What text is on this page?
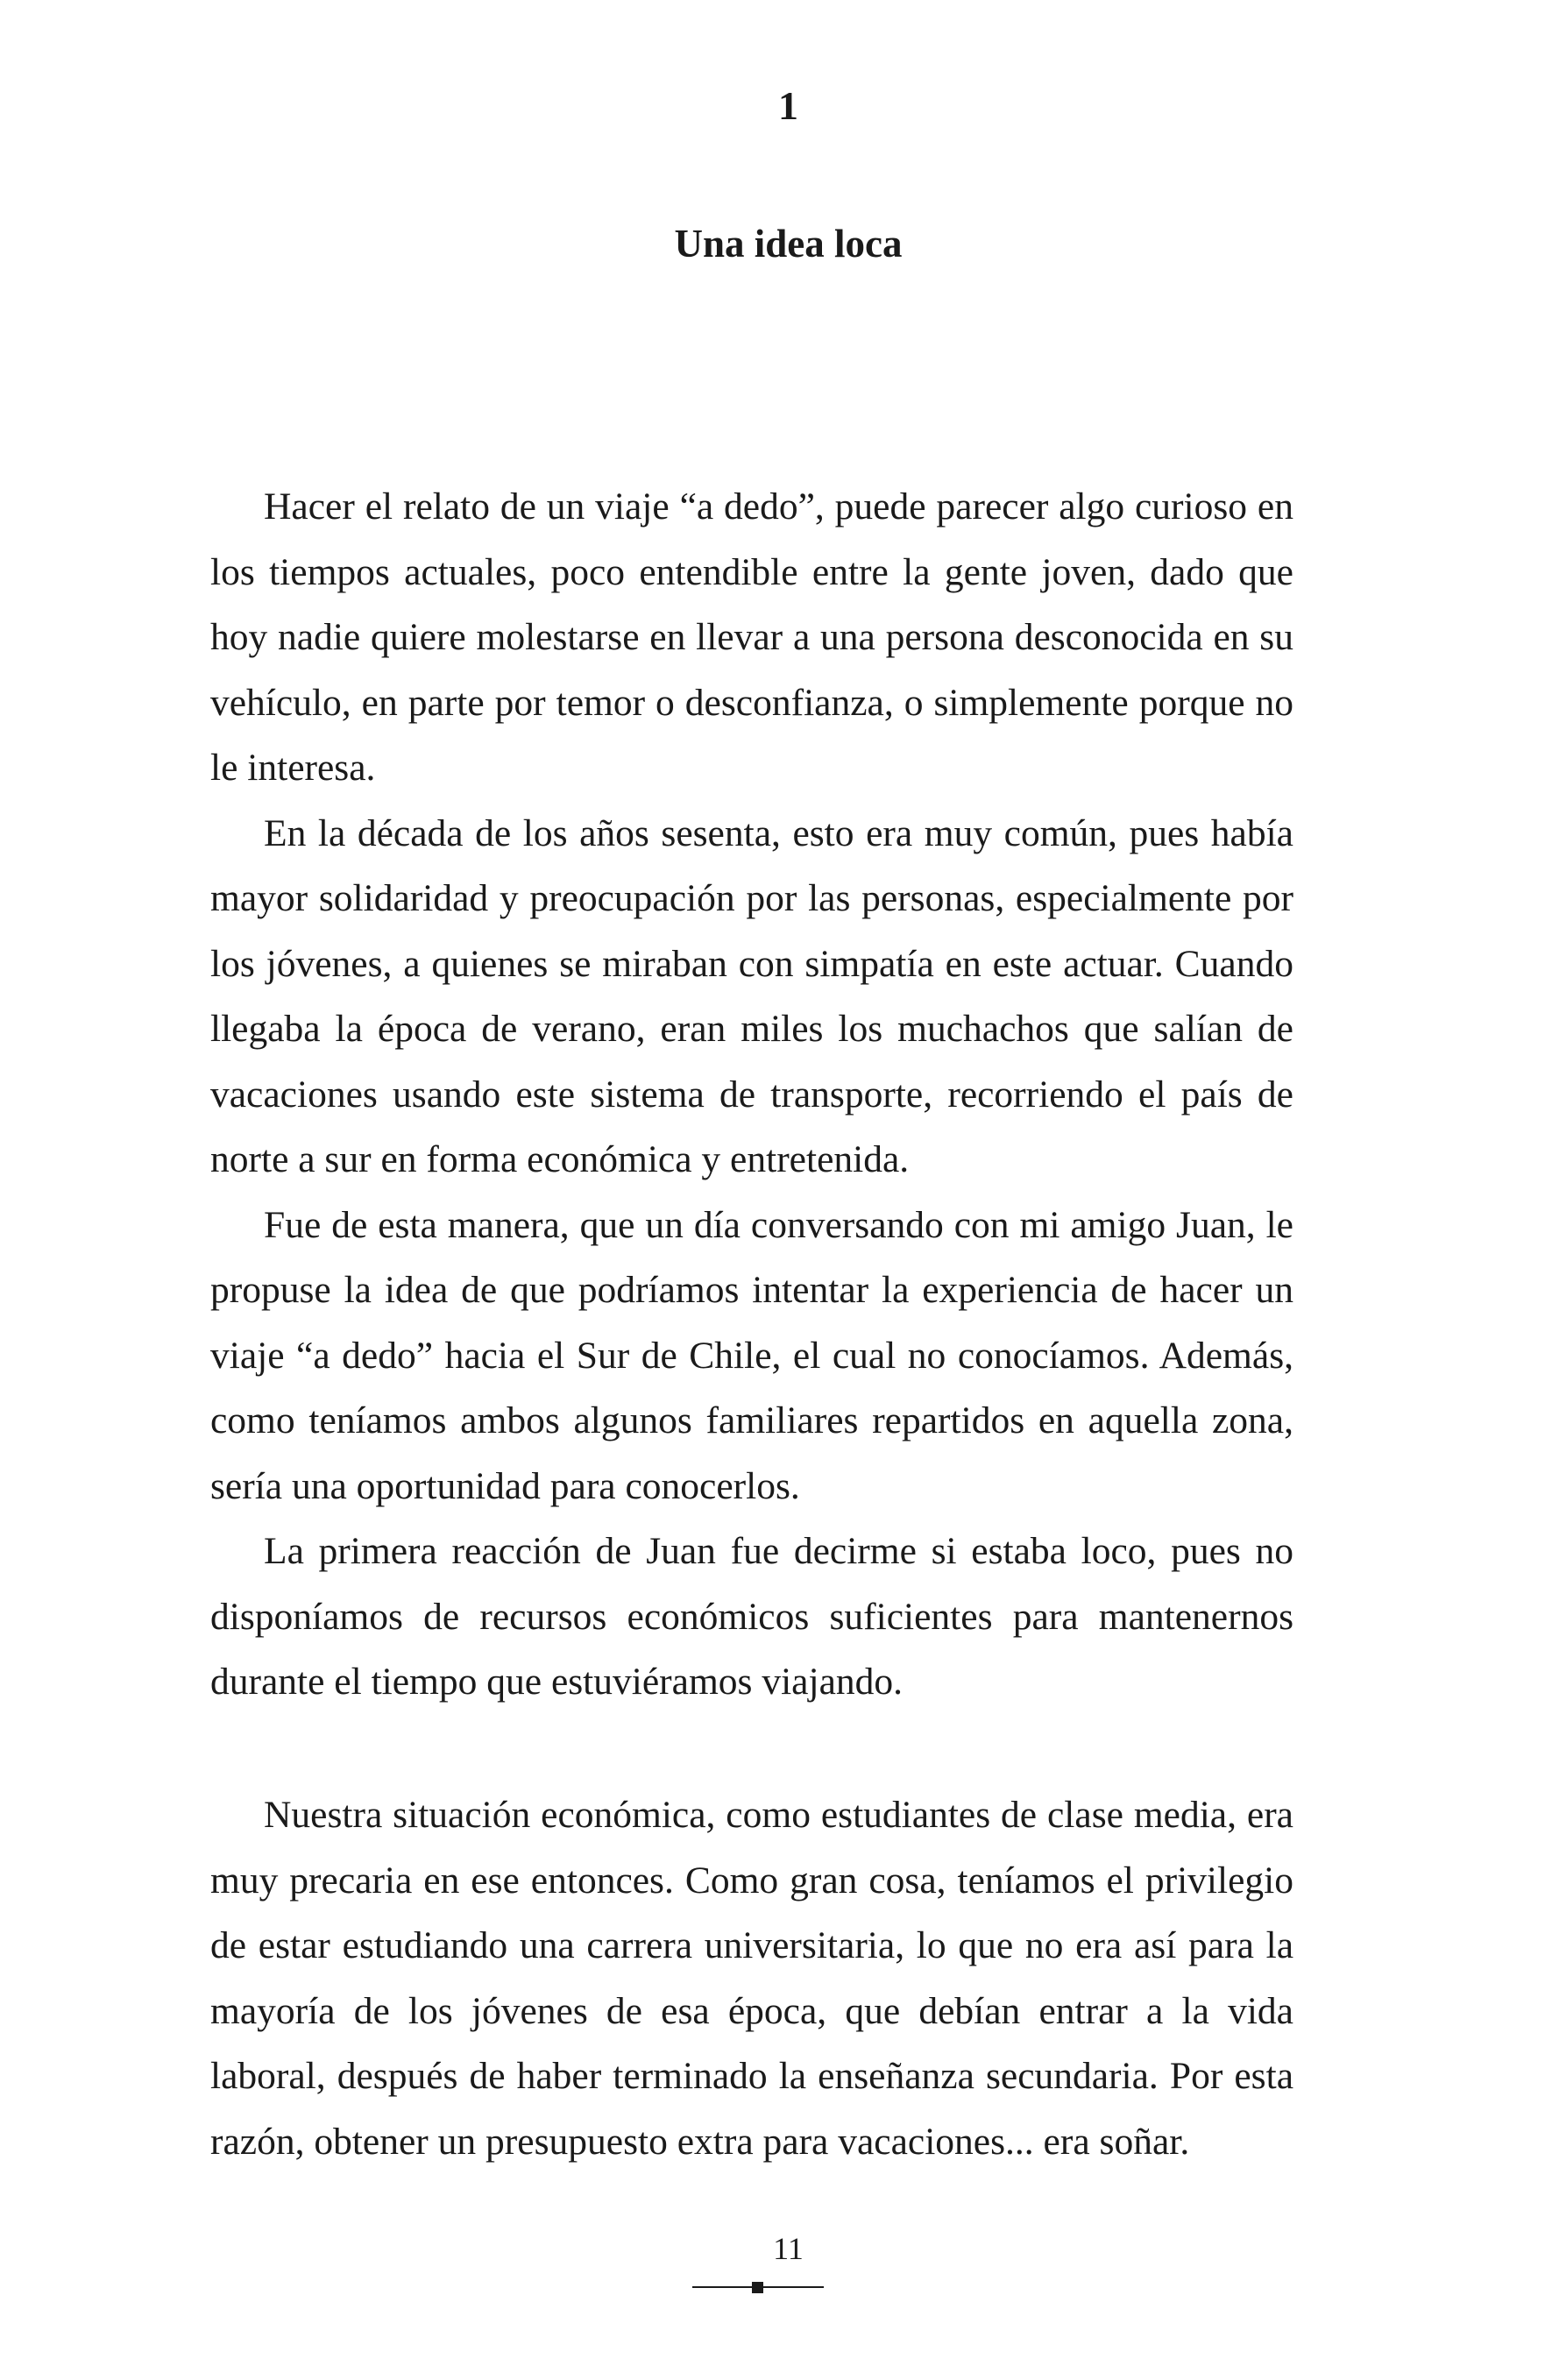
1
Una idea loca

Hacer el relato de un viaje “a dedo”, puede parecer algo curioso en los tiempos actuales, poco entendible entre la gente joven, dado que hoy nadie quiere molestarse en llevar a una persona desconocida en su vehículo, en parte por temor o desconfianza, o simplemente porque no le interesa.

En la década de los años sesenta, esto era muy común, pues había mayor solidaridad y preocupación por las personas, especialmente por los jóvenes, a quienes se miraban con simpatía en este actuar. Cuando llegaba la época de verano, eran miles los muchachos que salían de vacaciones usando este sistema de transporte, recorriendo el país de norte a sur en forma económica y entretenida.

Fue de esta manera, que un día conversando con mi amigo Juan, le propuse la idea de que podríamos intentar la experiencia de hacer un viaje “a dedo” hacia el Sur de Chile, el cual no conocíamos. Además, como teníamos ambos algunos familiares repartidos en aquella zona, sería una oportunidad para conocerlos.

La primera reacción de Juan fue decirme si estaba loco, pues no disponíamos de recursos económicos suficientes para mantenernos durante el tiempo que estuviéramos viajando.

Nuestra situación económica, como estudiantes de clase media, era muy precaria en ese entonces. Como gran cosa, teníamos el privilegio de estar estudiando una carrera universitaria, lo que no era así para la mayoría de los jóvenes de esa época, que debían entrar a la vida laboral, después de haber terminado la enseñanza secundaria. Por esta razón, obtener un presupuesto extra para vacaciones... era soñar.

11
